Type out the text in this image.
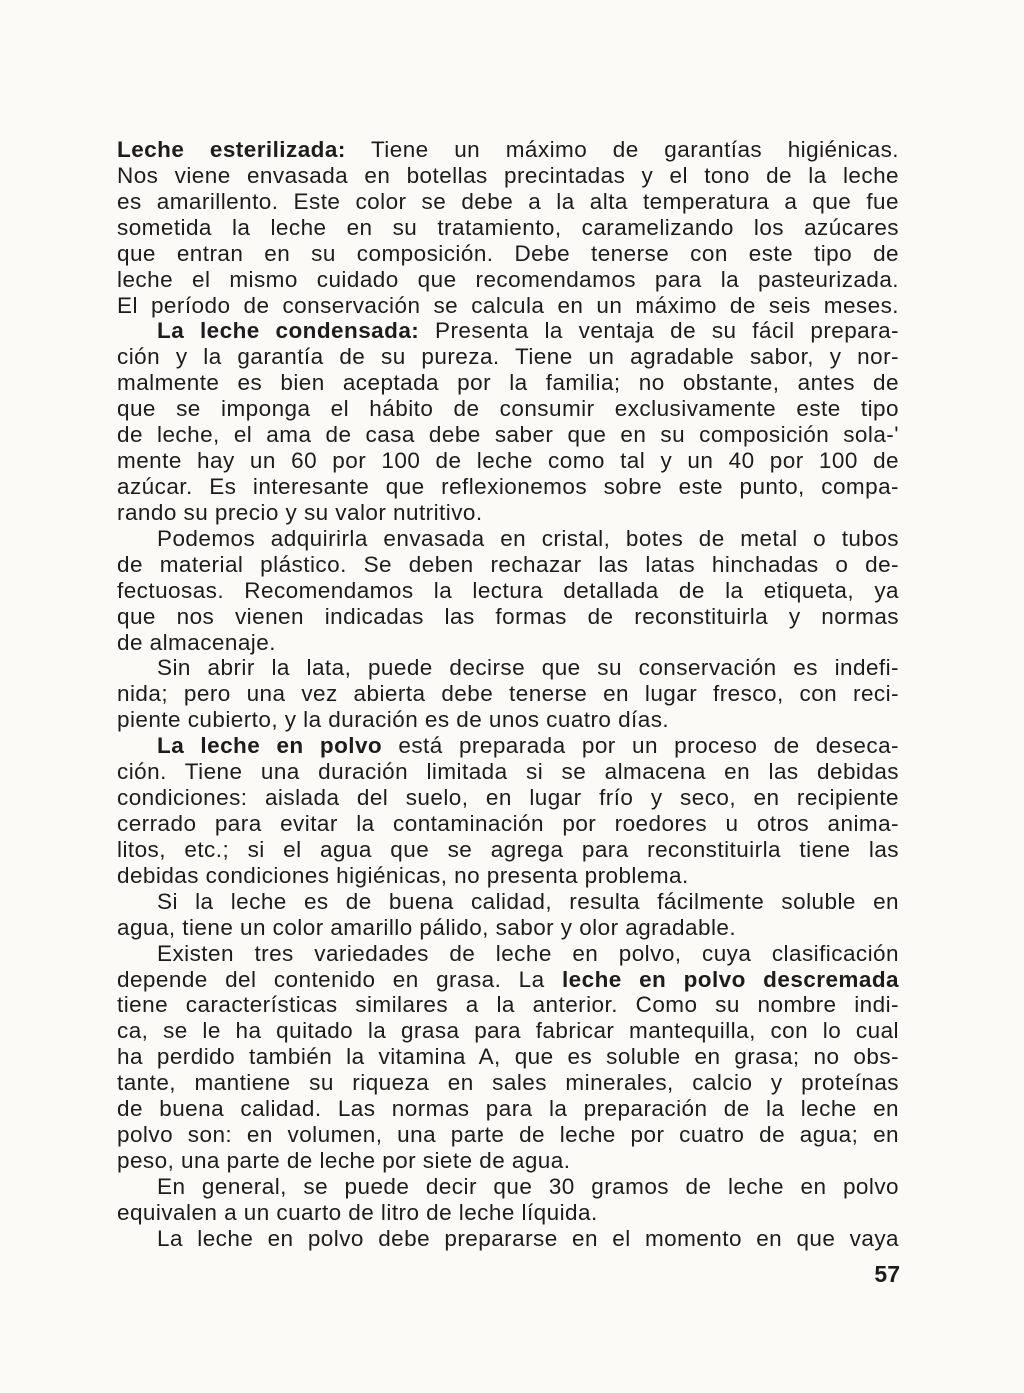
Leche esterilizada: Tiene un máximo de garantías higiénicas.
Nos viene envasada en botellas precintadas y el tono de la leche
es amarillento. Este color se debe a la alta temperatura a que fue
sometida la leche en su tratamiento, caramelizando los azúcares
que entran en su composición. Debe tenerse con este tipo de
leche el mismo cuidado que recomendamos para la pasteurizada.
El período de conservación se calcula en un máximo de seis meses.
La leche condensada: Presenta la ventaja de su fácil prepara-
ción y la garantía de su pureza. Tiene un agradable sabor, y nor-
malmente es bien aceptada por la familia; no obstante, antes de
que se imponga el hábito de consumir exclusivamente este tipo
de leche, el ama de casa debe saber que en su composición sola-'
mente hay un 60 por 100 de leche como tal y un 40 por 100 de
azúcar. Es interesante que reflexionemos sobre este punto, compa-
rando su precio y su valor nutritivo.
Podemos adquirirla envasada en cristal, botes de metal o tubos
de material plástico. Se deben rechazar las latas hinchadas o de-
fectuosas. Recomendamos la lectura detallada de la etiqueta, ya
que nos vienen indicadas las formas de reconstituirla y normas
de almacenaje.
Sin abrir la lata, puede decirse que su conservación es indefi-
nida; pero una vez abierta debe tenerse en lugar fresco, con reci-
piente cubierto, y la duración es de unos cuatro días.
La leche en polvo está preparada por un proceso de deseca-
ción. Tiene una duración limitada si se almacena en las debidas
condiciones: aislada del suelo, en lugar frío y seco, en recipiente
cerrado para evitar la contaminación por roedores u otros anima-
litos, etc.; si el agua que se agrega para reconstituirla tiene las
debidas condiciones higiénicas, no presenta problema.
Si la leche es de buena calidad, resulta fácilmente soluble en
agua, tiene un color amarillo pálido, sabor y olor agradable.
Existen tres variedades de leche en polvo, cuya clasificación
depende del contenido en grasa. La leche en polvo descremada
tiene características similares a la anterior. Como su nombre indi-
ca, se le ha quitado la grasa para fabricar mantequilla, con lo cual
ha perdido también la vitamina A, que es soluble en grasa; no obs-
tante, mantiene su riqueza en sales minerales, calcio y proteínas
de buena calidad. Las normas para la preparación de la leche en
polvo son: en volumen, una parte de leche por cuatro de agua; en
peso, una parte de leche por siete de agua.
En general, se puede decir que 30 gramos de leche en polvo
equivalen a un cuarto de litro de leche líquida.
La leche en polvo debe prepararse en el momento en que vaya
57
